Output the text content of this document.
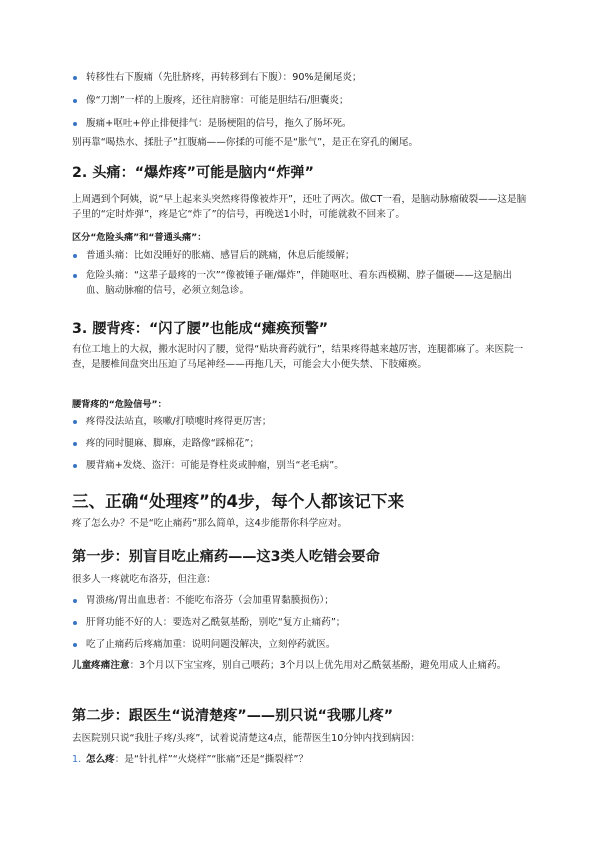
转移性右下腹痛（先肚脐疼，再转移到右下腹）：90%是阑尾炎；
像“刀割”一样的上腹疼，还往肩膀窜：可能是胆结石/胆囊炎；
腹痛+呕吐+停止排便排气：是肠梗阻的信号，拖久了肠坏死。
别再靠“喝热水、揉肚子”扛腹痛——你揉的可能不是“胀气”，是正在穿孔的阑尾。
2. 头痛：“爆炸疼”可能是脑内“炸弹”
上周遇到个阿姨，说“早上起来头突然疼得像被炸开”，还吐了两次。做CT一看，是脑动脉瘤破裂——这是脑子里的“定时炸弹”，疼是它“炸了”的信号，再晚送1小时，可能就救不回来了。
区分“危险头痛”和“普通头痛”：
普通头痛：比如没睡好的胀痛、感冒后的跳痛，休息后能缓解；
危险头痛：“这辈子最疼的一次”“像被锤子砸/爆炸”，伴随呕吐、看东西模糊、脖子僵硬——这是脑出血、脑动脉瘤的信号，必须立刻急诊。
3. 腰背疼：“闪了腰”也能成“瘫痪预警”
有位工地上的大叔，搬水泥时闪了腰，觉得“贴块膏药就行”，结果疼得越来越厉害，连腿都麻了。来医院一查，是腰椎间盘突出压迫了马尾神经——再拖几天，可能会大小便失禁、下肢瘫痪。
腰背疼的“危险信号”：
疼得没法站直，咳嗽/打喷嚏时疼得更厉害；
疼的同时腿麻、脚麻，走路像“踩棉花”；
腰背痛+发烧、盗汗：可能是脊柱炎或肿瘤，别当“老毛病”。
三、正确“处理疼”的4步，每个人都该记下来
疼了怎么办？不是“吃止痛药”那么简单，这4步能帮你科学应对。
第一步：别盲目吃止痛药——这3类人吃错会要命
很多人一疼就吃布洛芬，但注意：
胃溃疡/胃出血患者：不能吃布洛芬（会加重胃黏膜损伤）；
肝肾功能不好的人：要选对乙酰氨基酚，别吃“复方止痛药”；
吃了止痛药后疼痛加重：说明问题没解决，立刻停药就医。
儿童疼痛注意：3个月以下宝宝疼，别自己喂药；3个月以上优先用对乙酰氨基酚，避免用成人止痛药。
第二步：跟医生“说清楚疼”——别只说“我哪儿疼”
去医院别只说“我肚子疼/头疼”，试着说清楚这4点，能帮医生10分钟内找到病因：
1. 怎么疼：是“针扎样”“火烧样”“胀痛”还是“撕裂样”？
